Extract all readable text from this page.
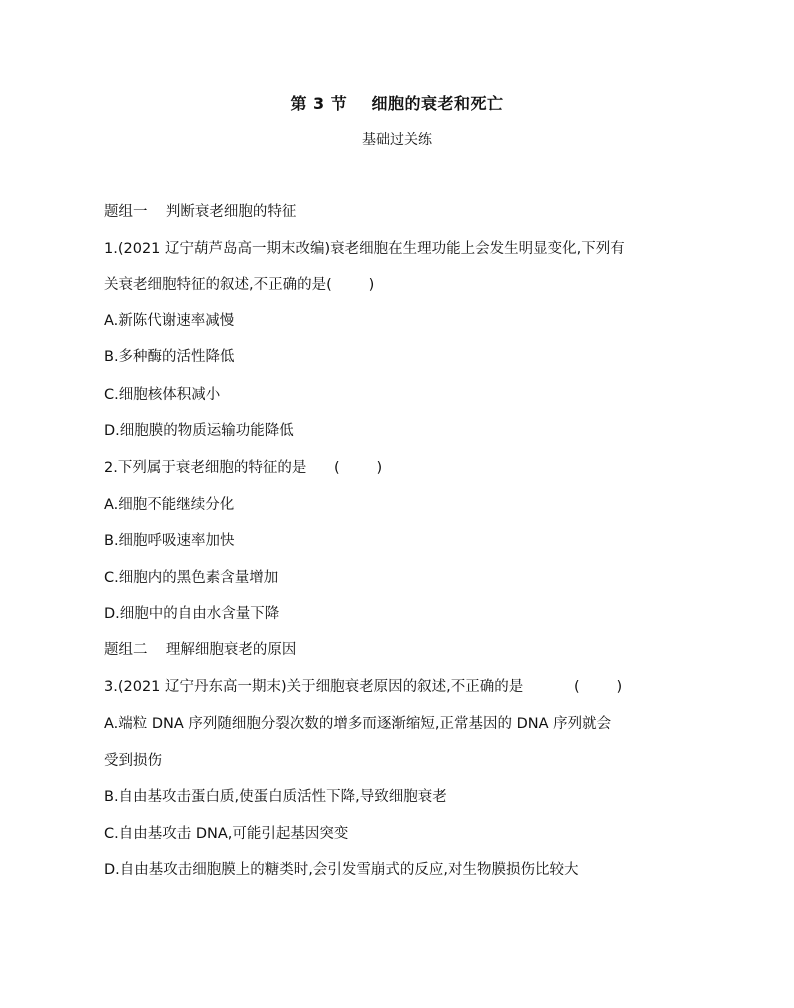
第 3 节    细胞的衰老和死亡
基础过关练
题组一    判断衰老细胞的特征
1.(2021 辽宁葫芦岛高一期末改编)衰老细胞在生理功能上会发生明显变化,下列有
关衰老细胞特征的叙述,不正确的是(        )
A.新陈代谢速率减慢
B.多种酶的活性降低
C.细胞核体积减小
D.细胞膜的物质运输功能降低
2.下列属于衰老细胞的特征的是      (        )
A.细胞不能继续分化
B.细胞呼吸速率加快
C.细胞内的黑色素含量增加
D.细胞中的自由水含量下降
题组二    理解细胞衰老的原因
3.(2021 辽宁丹东高一期末)关于细胞衰老原因的叙述,不正确的是           (        )
A.端粒 DNA 序列随细胞分裂次数的增多而逐渐缩短,正常基因的 DNA 序列就会
受到损伤
B.自由基攻击蛋白质,使蛋白质活性下降,导致细胞衰老
C.自由基攻击 DNA,可能引起基因突变
D.自由基攻击细胞膜上的糖类时,会引发雪崩式的反应,对生物膜损伤比较大
